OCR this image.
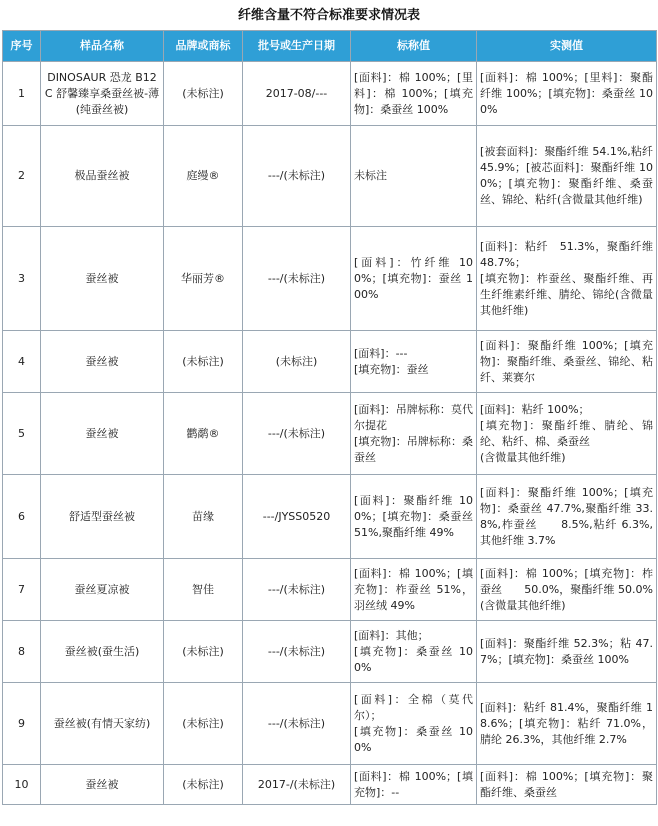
纤维含量不符合标准要求情况表
序号	样品名称	品牌或商标	批号或生产日期	标称值	实测值
1	DINOSAUR 恐龙 B12C 舒馨臻享桑蚕丝被-薄(纯蚕丝被)	(未标注)	2017-08/---	[面料]：棉 100%；[里料]：棉 100%；[填充物]：桑蚕丝 100%	[面料]：棉 100%；[里料]：聚酯纤维 100%；[填充物]：桑蚕丝 100%
2	极品蚕丝被	庭缦®	---/(未标注)	未标注	[被套面料]：聚酯纤维 54.1%,粘纤 45.9%；[被芯面料]：聚酯纤维 100%；[填充物]：聚酯纤维、桑蚕丝、锦纶、粘纤(含微量其他纤维)
3	蚕丝被	华丽芳®	---/(未标注)	[面料]：竹纤维 100%；[填充物]：蚕丝 100%	[面料]：粘纤　51.3%，聚酯纤维 48.7%；
[填充物]：柞蚕丝、聚酯纤维、再生纤维素纤维、腈纶、锦纶(含微量其他纤维)
4	蚕丝被	(未标注)	(未标注)	[面料]：---
[填充物]：蚕丝	[面料]：聚酯纤维 100%；[填充物]：聚酯纤维、桑蚕丝、锦纶、粘纤、莱赛尔
5	蚕丝被	鹳鹬®	---/(未标注)	[面料]：吊牌标称：莫代尔提花
[填充物]：吊牌标称：桑蚕丝	[面料]：粘纤 100%；
[填充物]：聚酯纤维、腈纶、锦纶、粘纤、棉、桑蚕丝
(含微量其他纤维)
6	舒适型蚕丝被	苗缘	---/JYSS0520	[面料]：聚酯纤维 100%；[填充物]：桑蚕丝 51%,聚酯纤维 49%	[面料]：聚酯纤维 100%；[填充物]：桑蚕丝 47.7%,聚酯纤维 33.8%,柞蚕丝　　8.5%,粘纤 6.3%,其他纤维 3.7%
7	蚕丝夏凉被	智佳	---/(未标注)	[面料]：棉 100%；[填充物]：柞蚕丝 51%，羽丝绒 49%	[面料]：棉 100%；[填充物]：柞蚕丝　　50.0%，聚酯纤维 50.0%(含微量其他纤维)
8	蚕丝被(蚕生活)	(未标注)	---/(未标注)	[面料]：其他；
[填充物]：桑蚕丝 100%	[面料]：聚酯纤维 52.3%；粘 47.7%；[填充物]：桑蚕丝 100%
9	蚕丝被(有情天家纺)	(未标注)	---/(未标注)	[面料]：全棉（莫代尔）；
[填充物]：桑蚕丝 100%	[面料]：粘纤 81.4%，聚酯纤维 18.6%；[填充物]：粘纤 71.0%，腈纶 26.3%，其他纤维 2.7%
10	蚕丝被	(未标注)	2017-/(未标注)	[面料]：棉 100%；[填充物]：--	[面料]：棉 100%；[填充物]：聚酯纤维、桑蚕丝
